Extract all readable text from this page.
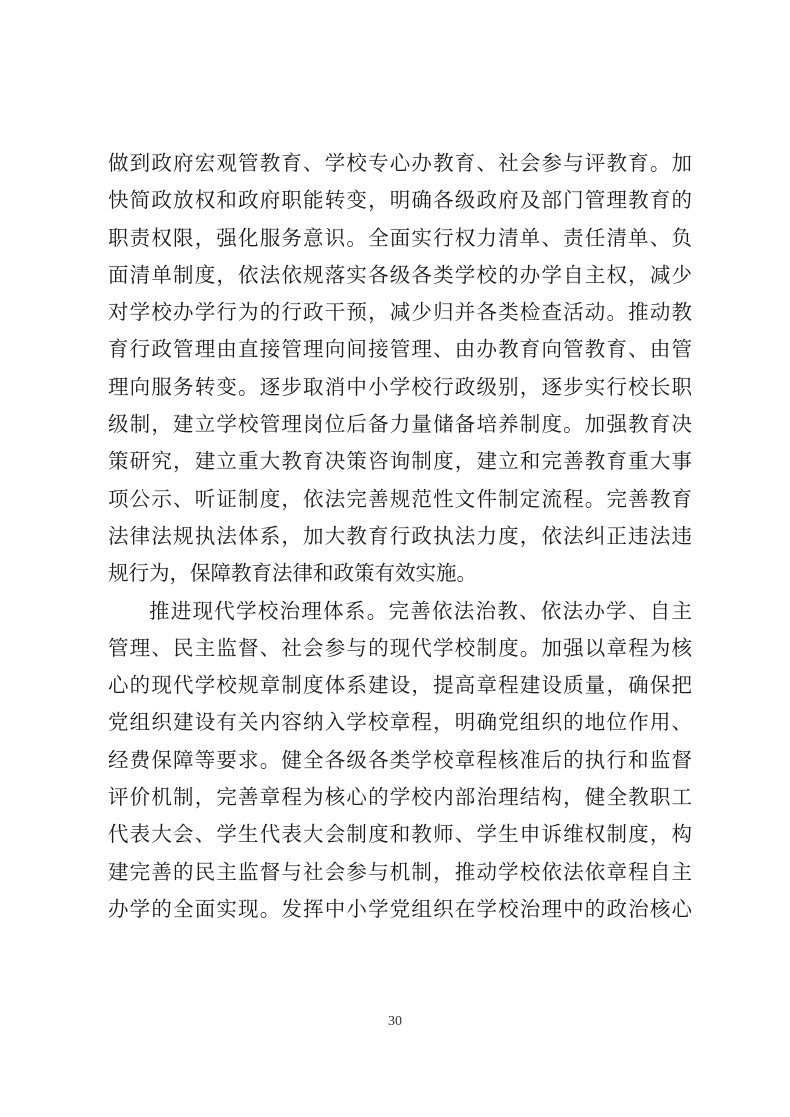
做到政府宏观管教育、学校专心办教育、社会参与评教育。加
快简政放权和政府职能转变，明确各级政府及部门管理教育的
职责权限，强化服务意识。全面实行权力清单、责任清单、负
面清单制度，依法依规落实各级各类学校的办学自主权，减少
对学校办学行为的行政干预，减少归并各类检查活动。推动教
育行政管理由直接管理向间接管理、由办教育向管教育、由管
理向服务转变。逐步取消中小学校行政级别，逐步实行校长职
级制，建立学校管理岗位后备力量储备培养制度。加强教育决
策研究，建立重大教育决策咨询制度，建立和完善教育重大事
项公示、听证制度，依法完善规范性文件制定流程。完善教育
法律法规执法体系，加大教育行政执法力度，依法纠正违法违
规行为，保障教育法律和政策有效实施。
推进现代学校治理体系。完善依法治教、依法办学、自主
管理、民主监督、社会参与的现代学校制度。加强以章程为核
心的现代学校规章制度体系建设，提高章程建设质量，确保把
党组织建设有关内容纳入学校章程，明确党组织的地位作用、
经费保障等要求。健全各级各类学校章程核准后的执行和监督
评价机制，完善章程为核心的学校内部治理结构，健全教职工
代表大会、学生代表大会制度和教师、学生申诉维权制度，构
建完善的民主监督与社会参与机制，推动学校依法依章程自主
办学的全面实现。发挥中小学党组织在学校治理中的政治核心
30
